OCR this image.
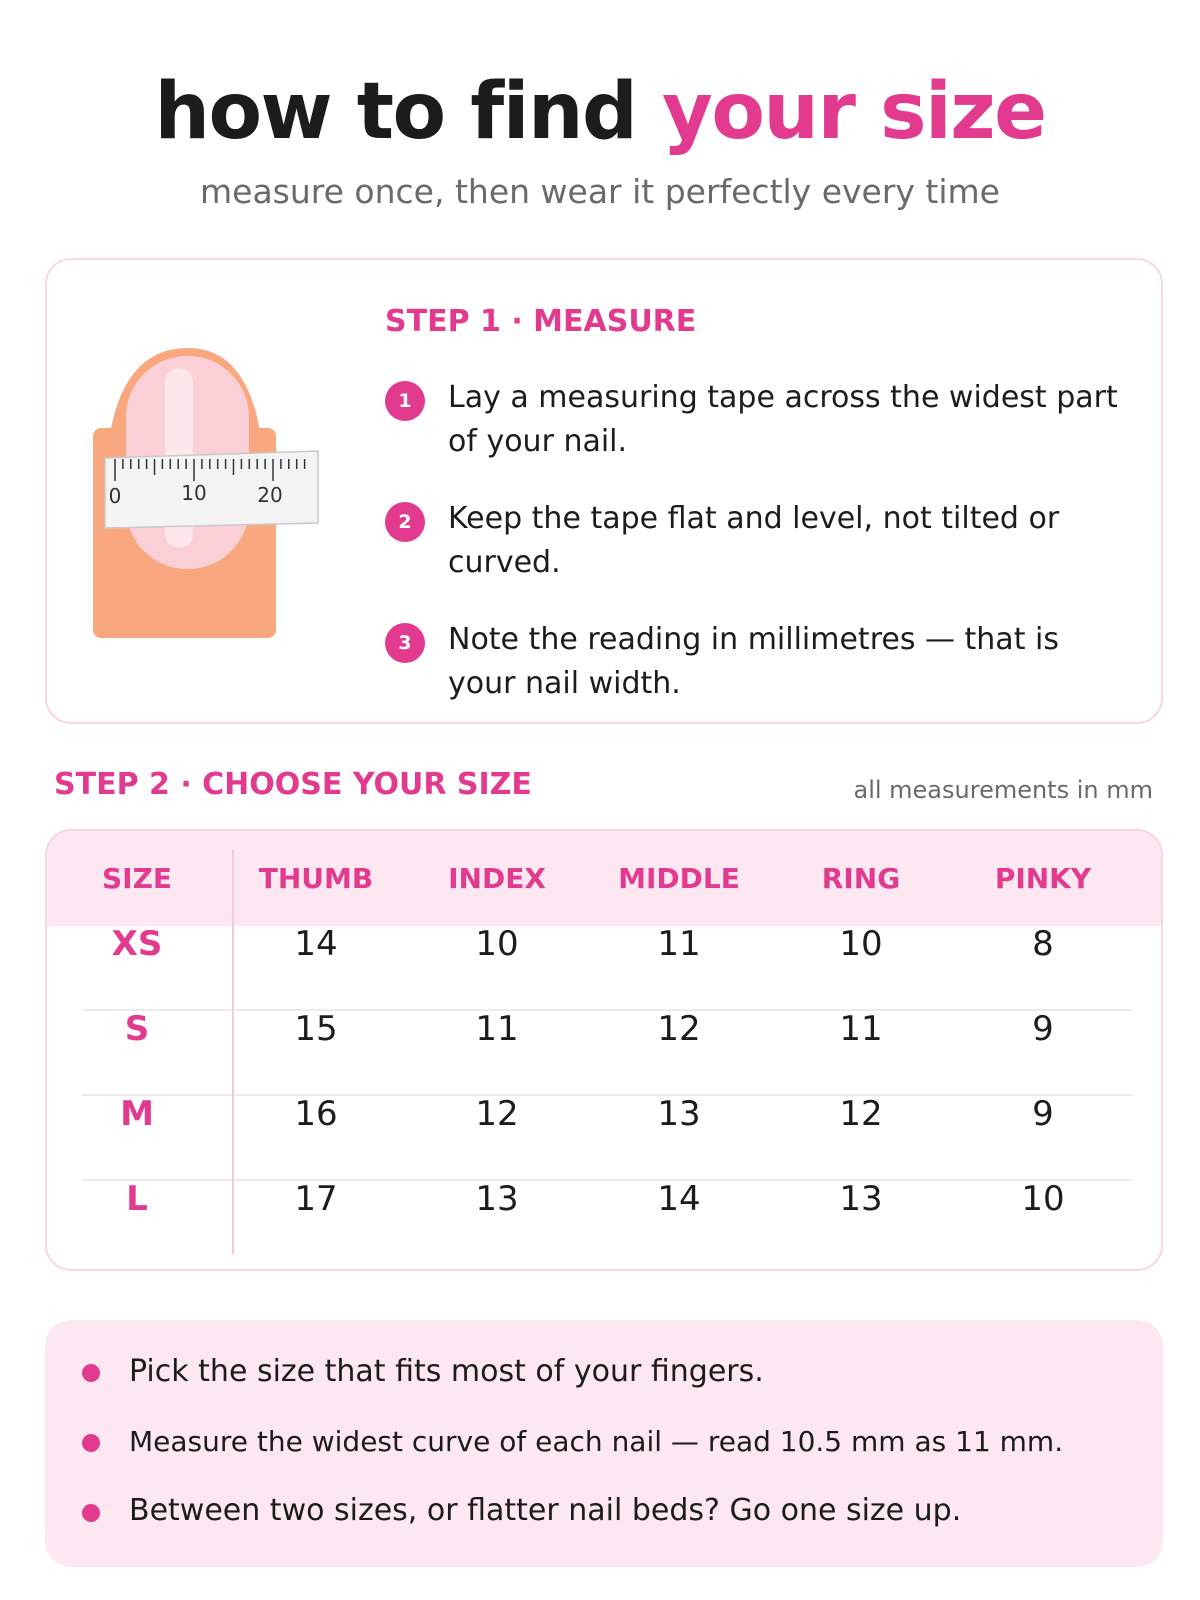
how to find your size
measure once, then wear it perfectly every time
0	10	20
STEP 1 · MEASURE
1	Lay a measuring tape across the widest part of your nail.
2	Keep the tape flat and level, not tilted or curved.
3	Note the reading in millimetres — that is your nail width.
STEP 2 · CHOOSE YOUR SIZE	all measurements in mm
SIZE	THUMB	INDEX	MIDDLE	RING	PINKY
XS	14	10	11	10	8
S	15	11	12	11	9
M	16	12	13	12	9
L	17	13	14	13	10
Pick the size that fits most of your fingers.
Measure the widest curve of each nail — read 10.5 mm as 11 mm.
Between two sizes, or flatter nail beds? Go one size up.
